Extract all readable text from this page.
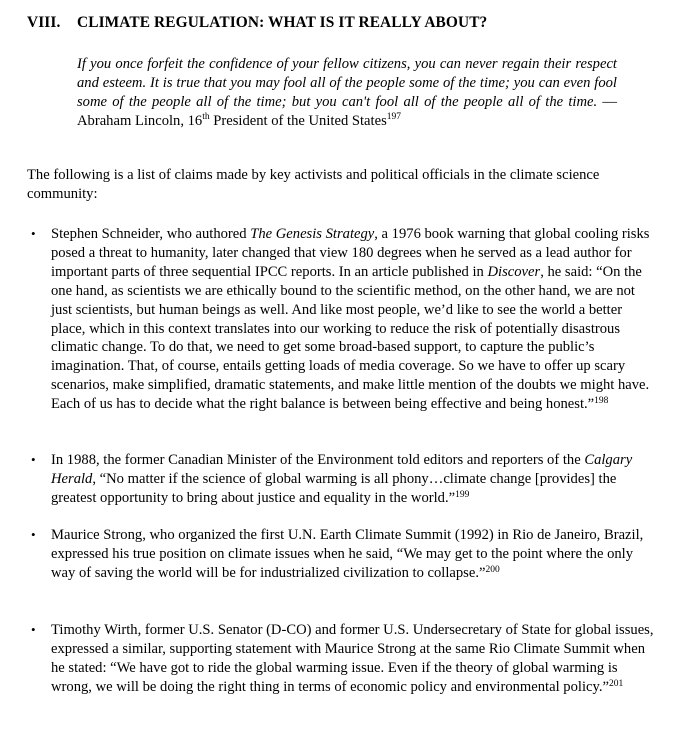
VIII. CLIMATE REGULATION: WHAT IS IT REALLY ABOUT?
If you once forfeit the confidence of your fellow citizens, you can never regain their respect and esteem. It is true that you may fool all of the people some of the time; you can even fool some of the people all of the time; but you can't fool all of the people all of the time. —Abraham Lincoln, 16th President of the United States$^{197}$
The following is a list of claims made by key activists and political officials in the climate science community:
• Stephen Schneider, who authored The Genesis Strategy, a 1976 book warning that global cooling risks posed a threat to humanity, later changed that view 180 degrees when he served as a lead author for important parts of three sequential IPCC reports. In an article published in Discover, he said: “On the one hand, as scientists we are ethically bound to the scientific method, on the other hand, we are not just scientists, but human beings as well. And like most people, we’d like to see the world a better place, which in this context translates into our working to reduce the risk of potentially disastrous climatic change. To do that, we need to get some broad-based support, to capture the public’s imagination. That, of course, entails getting loads of media coverage. So we have to offer up scary scenarios, make simplified, dramatic statements, and make little mention of the doubts we might have. Each of us has to decide what the right balance is between being effective and being honest.”$^{198}$
• In 1988, the former Canadian Minister of the Environment told editors and reporters of the Calgary Herald, “No matter if the science of global warming is all phony…climate change [provides] the greatest opportunity to bring about justice and equality in the world.”$^{199}$
• Maurice Strong, who organized the first U.N. Earth Climate Summit (1992) in Rio de Janeiro, Brazil, expressed his true position on climate issues when he said, “We may get to the point where the only way of saving the world will be for industrialized civilization to collapse.”$^{200}$
• Timothy Wirth, former U.S. Senator (D-CO) and former U.S. Undersecretary of State for global issues, expressed a similar, supporting statement with Maurice Strong at the same Rio Climate Summit when he stated: “We have got to ride the global warming issue. Even if the theory of global warming is wrong, we will be doing the right thing in terms of economic policy and environmental policy.”$^{201}$
